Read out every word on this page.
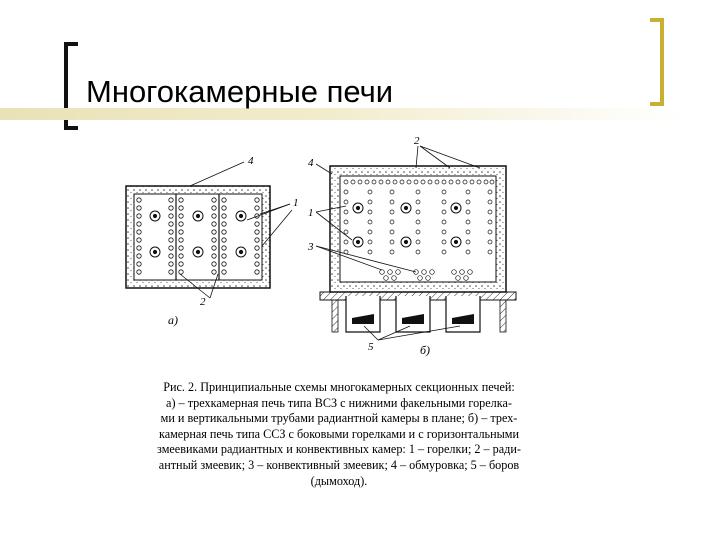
Многокамерные печи
4
1
2
а)
2
4
1
3
5	б)
Рис. 2. Принципиальные схемы многокамерных секционных печей:
а) – трехкамерная печь типа ВСЗ с нижними факельными горелка-
ми и вертикальными трубами радиантной камеры в плане; б) – трех-
камерная печь типа ССЗ с боковыми горелками и с горизонтальными
змеевиками радиантных и конвективных камер: 1 – горелки; 2 – ради-
антный змеевик; 3 – конвективный змеевик; 4 – обмуровка; 5 – боров
(дымоход).
